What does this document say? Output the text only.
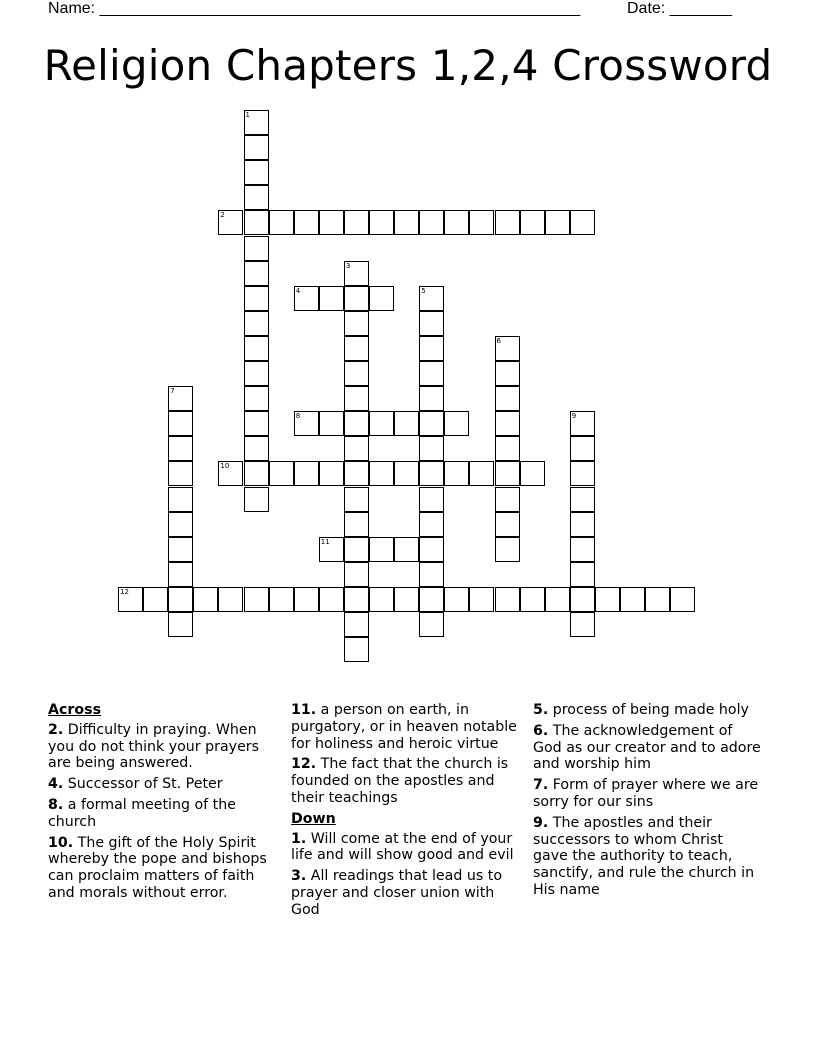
Name: ______________________________________________________	Date: _______
Religion Chapters 1,2,4 Crossword
1
2
3
4	5
6
7
8	9
10
11
12
Across
2. Difficulty in praying. When you do not think your prayers are being answered.
4. Successor of St. Peter
8. a formal meeting of the church
10. The gift of the Holy Spirit whereby the pope and bishops can proclaim matters of faith and morals without error.
11. a person on earth, in purgatory, or in heaven notable for holiness and heroic virtue
12. The fact that the church is founded on the apostles and their teachings
Down
1. Will come at the end of your life and will show good and evil
3. All readings that lead us to prayer and closer union with God
5. process of being made holy
6. The acknowledgement of God as our creator and to adore and worship him
7. Form of prayer where we are sorry for our sins
9. The apostles and their successors to whom Christ gave the authority to teach, sanctify, and rule the church in His name
